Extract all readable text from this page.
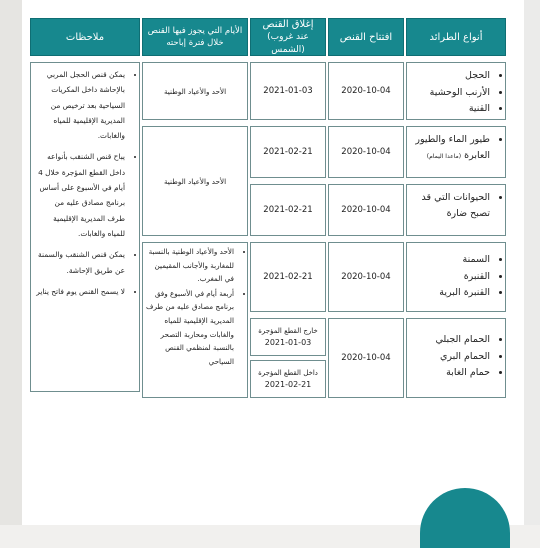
ملاحظات
الأيام التي يجوز فيها القنص
خلال فترة إباحته
إغلاق القنص
(عند غروب الشمس)
افتتاح القنص	أنواع الطرائد
• يمكن قنص الحجل المربي بالإحاشة داخل المكريات السياحية بعد ترخيص من المديرية الإقليمية للمياه والغابات.
• يباح قنص الشنقب بأنواعه داخل القطع المؤجرة خلال 4 أيام في الأسبوع على أساس برنامج مصادق عليه من طرف المديرية الإقليمية للمياه والغابات.
• يمكن قنص الشنقب والسمنة عن طريق الإحاشة.
• لا يسمح القنص يوم فاتح يناير
• الحجل
• الأرنب الوحشية
• القنية
2020-10-04
2021-01-03
الأحد والأعياد الوطنية
• طيور الماء والطيور
العابرة (ماعدا اليمام)
2020-10-04
2021-02-21
الأحد والأعياد الوطنية
• الحيوانات التي قد
تصبح ضارة
2020-10-04
2021-02-21
• السمنة
• القنبرة
• القنبرة البرية
2020-10-04
2021-02-21
• الأحد والأعياد الوطنية بالنسبة للمغاربة والأجانب المقيمين في المغرب.
• أربعة أيام في الأسبوع وفق برنامج مصادق عليه من طرف المديرية الإقليمية للمياه والغابات ومحاربة التصحر بالنسبة لمنظمي القنص السياحي
• الحمام الجبلي
• الحمام البري
• حمام الغابة
2020-10-04
خارج القطع المؤجرة
2021-01-03
داخل القطع المؤجرة
2021-02-21
